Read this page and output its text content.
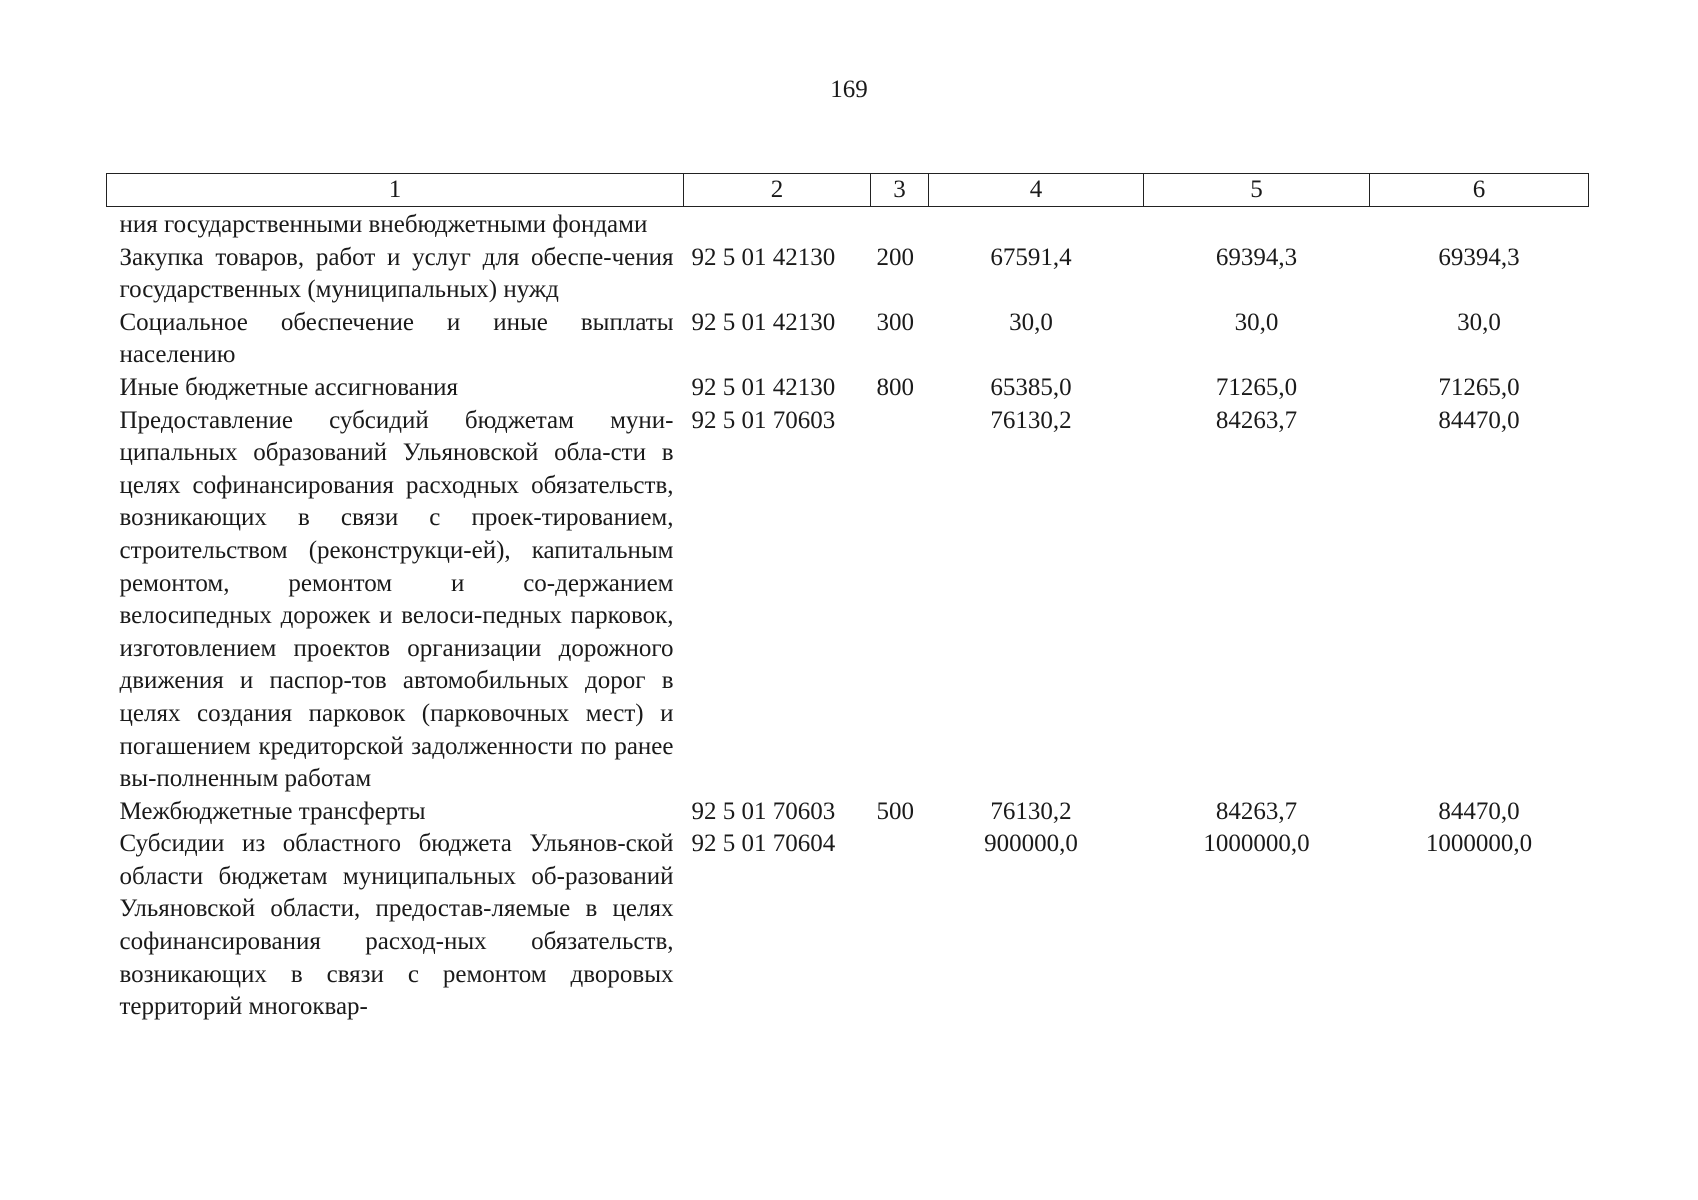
169
1	2	3	4	5	6
ния государственными внебюджетными фондами					
Закупка товаров, работ и услуг для обеспе-чения государственных (муниципальных) нужд	92 5 01 42130	200	67591,4	69394,3	69394,3
Социальное обеспечение и иные выплаты населению	92 5 01 42130	300	30,0	30,0	30,0
Иные бюджетные ассигнования	92 5 01 42130	800	65385,0	71265,0	71265,0
Предоставление субсидий бюджетам муни-ципальных образований Ульяновской обла-сти в целях софинансирования расходных обязательств, возникающих в связи с проек-тированием, строительством (реконструкци-ей), капитальным ремонтом, ремонтом и со-держанием велосипедных дорожек и велоси-педных парковок, изготовлением проектов организации дорожного движения и паспор-тов автомобильных дорог в целях создания парковок (парковочных мест) и погашением кредиторской задолженности по ранее вы-полненным работам	92 5 01 70603		76130,2	84263,7	84470,0
Межбюджетные трансферты	92 5 01 70603	500	76130,2	84263,7	84470,0
Субсидии из областного бюджета Ульянов-ской области бюджетам муниципальных об-разований Ульяновской области, предостав-ляемые в целях софинансирования расход-ных обязательств, возникающих в связи с ремонтом дворовых территорий многоквар-	92 5 01 70604		900000,0	1000000,0	1000000,0
